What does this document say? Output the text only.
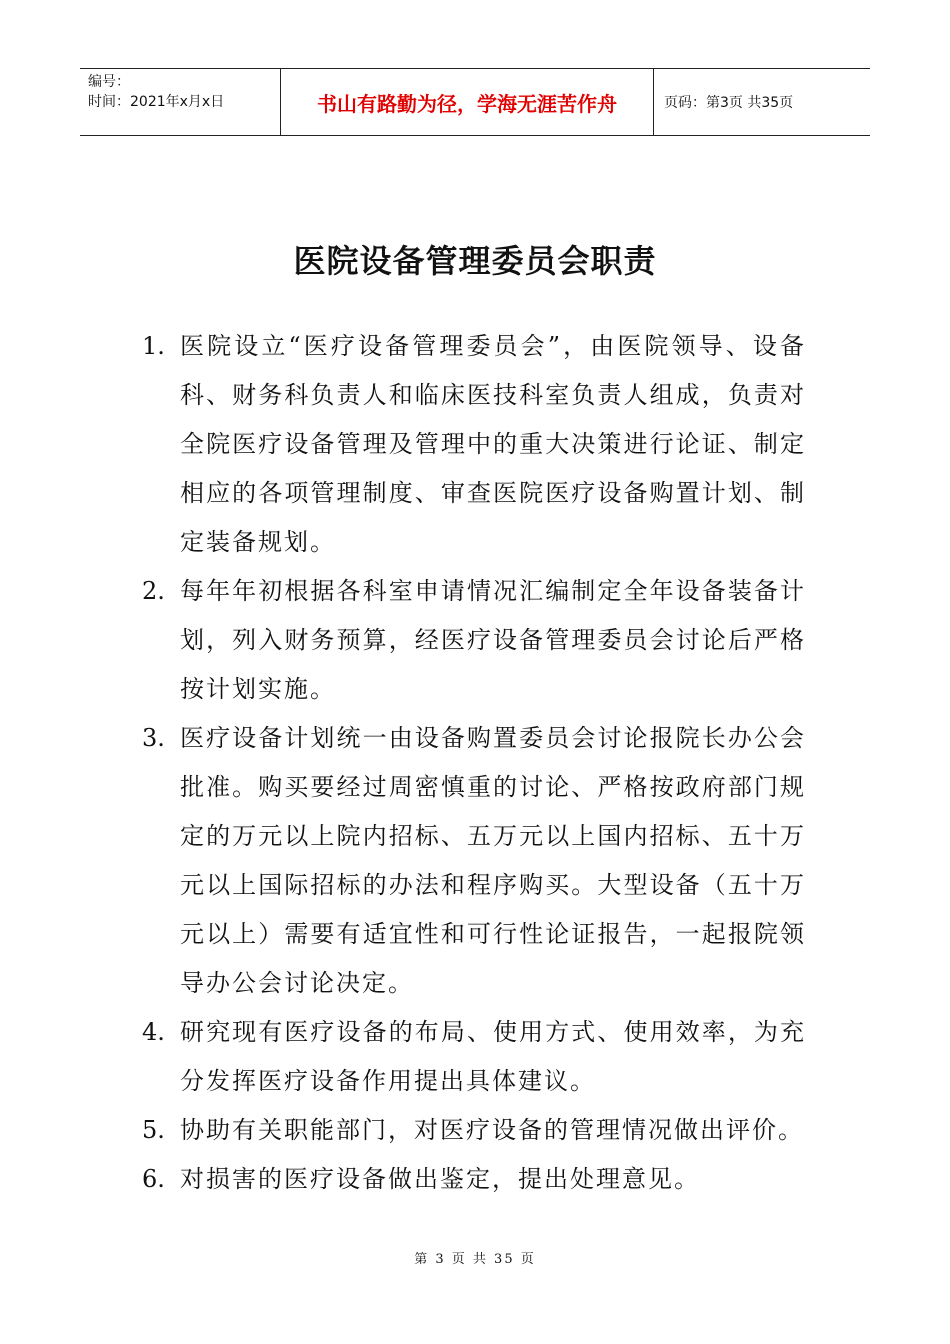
编号：
时间：2021年x月x日	书山有路勤为径，学海无涯苦作舟	页码：第3页 共35页
医院设备管理委员会职责
1. 医院设立“医疗设备管理委员会”，由医院领导、设备科、财务科负责人和临床医技科室负责人组成，负责对全院医疗设备管理及管理中的重大决策进行论证、制定相应的各项管理制度、审查医院医疗设备购置计划、制定装备规划。
2. 每年年初根据各科室申请情况汇编制定全年设备装备计划，列入财务预算，经医疗设备管理委员会讨论后严格按计划实施。
3. 医疗设备计划统一由设备购置委员会讨论报院长办公会批准。购买要经过周密慎重的讨论、严格按政府部门规定的万元以上院内招标、五万元以上国内招标、五十万元以上国际招标的办法和程序购买。大型设备（五十万元以上）需要有适宜性和可行性论证报告，一起报院领导办公会讨论决定。
4. 研究现有医疗设备的布局、使用方式、使用效率，为充分发挥医疗设备作用提出具体建议。
5. 协助有关职能部门，对医疗设备的管理情况做出评价。
6. 对损害的医疗设备做出鉴定，提出处理意见。
第 3 页 共 35 页
